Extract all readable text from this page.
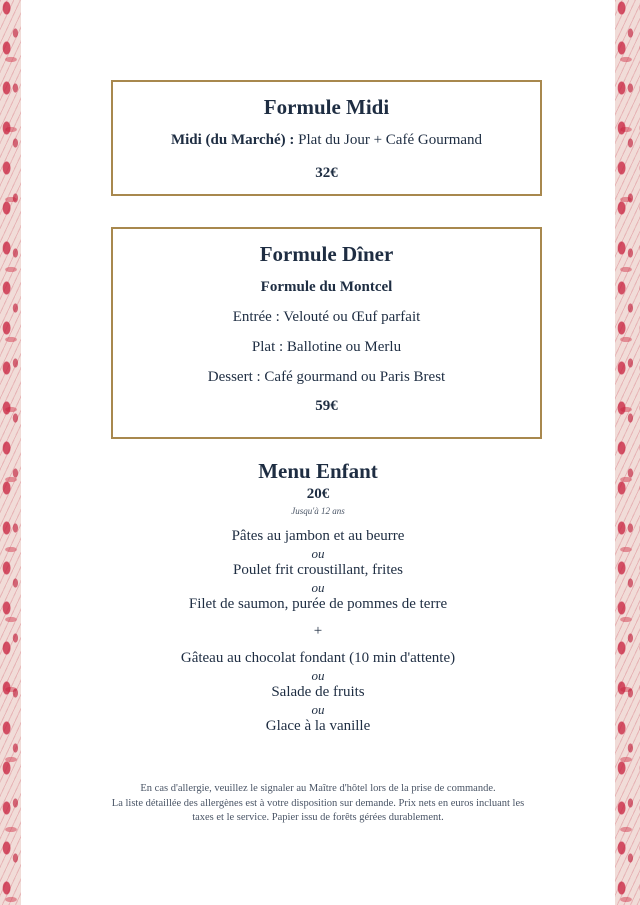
Formule Midi
Midi (du Marché) : Plat du Jour + Café Gourmand
32€
Formule Dîner
Formule du Montcel
Entrée : Velouté ou Œuf parfait
Plat : Ballotine ou Merlu
Dessert : Café gourmand ou Paris Brest
59€
Menu Enfant
20€
Jusqu'à 12 ans
Pâtes au jambon et au beurre
ou
Poulet frit croustillant, frites
ou
Filet de saumon, purée de pommes de terre
+
Gâteau au chocolat fondant (10 min d'attente)
ou
Salade de fruits
ou
Glace à la vanille
En cas d'allergie, veuillez le signaler au Maître d'hôtel lors de la prise de commande.
La liste détaillée des allergènes est à votre disposition sur demande. Prix nets en euros incluant les
taxes et le service. Papier issu de forêts gérées durablement.
